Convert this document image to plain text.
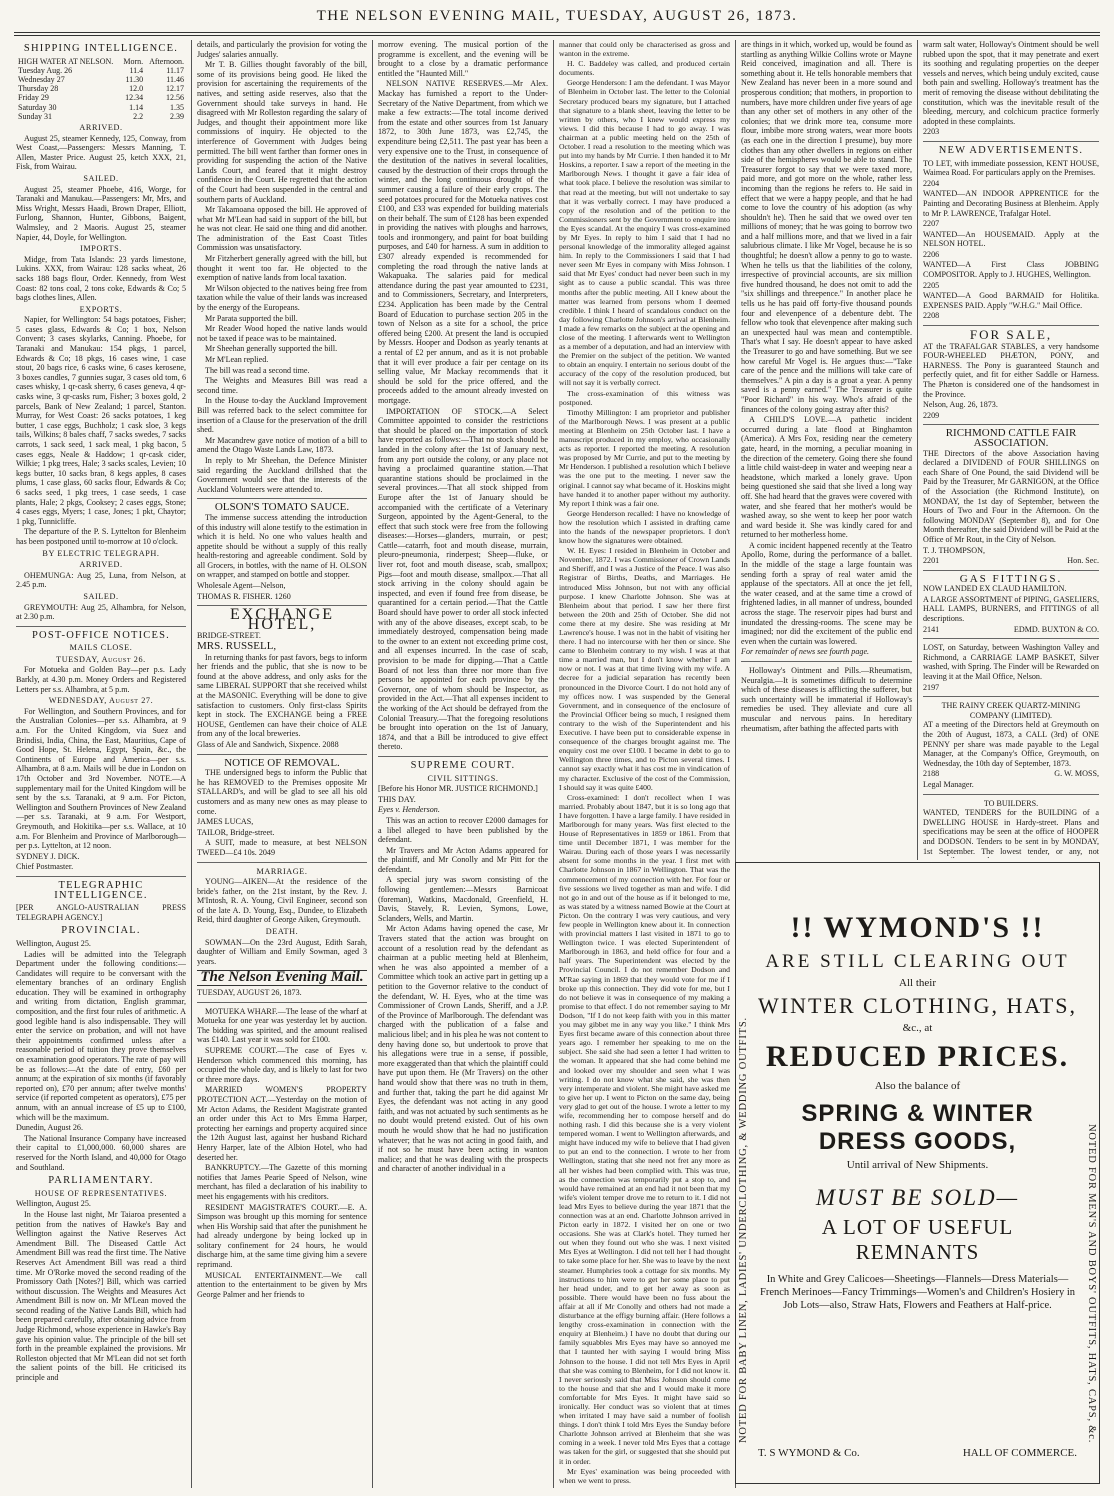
THE NELSON EVENING MAIL, TUESDAY, AUGUST 26, 1873.
SHIPPING INTELLIGENCE.
HIGH WATER AT NELSON.	Morn.	Afternoon.
Tuesday Aug. 26	11.4	11.17
Wednesday 27	11.30	11.46
Thursday 28	12.0	12.17
Friday 29	12.34	12.56
Saturday 30	1.14	1.35
Sunday 31	2.2	2.39
ARRIVED.

August 25, steamer Kennedy, 125, Conway, from West Coast,—Passengers: Messrs Manning, T. Allen, Master Price. August 25, ketch XXX, 21, Fisk, from Wairau.

SAILED.

August 25, steamer Phoebe, 416, Worge, for Taranaki and Manukau.—Passengers: Mr, Mrs, and Miss Wright, Messrs Haadi, Brown Draper, Elliott, Furlong, Shannon, Hunter, Gibbons, Baigent, Walmsley, and 2 Maoris. August 25, steamer Napier, 44, Doyle, for Wellington.

IMPORTS.

Midge, from Tata Islands: 23 yards limestone, Lukins. XXX, from Wairau: 128 sacks wheat, 26 sacks 188 bags flour, Order. Kennedy, from West Coast: 82 tons coal, 2 tons coke, Edwards & Co; 5 bags clothes lines, Allen.

EXPORTS.

Napier, for Wellington: 54 bags potatoes, Fisher; 5 cases glass, Edwards & Co; 1 box, Nelson Convent; 3 cases skylarks, Canning. Phoebe, for Taranaki and Manukau: 154 pkgs, 1 parcel, Edwards & Co; 18 pkgs, 16 cases wine, 1 case stout, 20 bags rice, 6 casks wine, 6 cases kerosene, 3 boxes candles, 7 gunnies sugar, 3 cases old tom, 6 cases whisky, 1 qr-cask sherry, 6 cases geneva, 4 qr-casks wine, 3 qr-casks rum, Fisher; 3 boxes gold, 2 parcels, Bank of New Zealand; 1 parcel, Stanton. Murray, for West Coast: 26 sacks potatoes, 1 keg butter, 1 case eggs, Buchholz; 1 cask sloe, 3 kegs tails, Wilkins; 8 bales chaff, 7 sacks swedes, 7 sacks carrots, 1 sack seed, 1 sack meal, 1 pkg bacon, 5 cases eggs, Neale & Haddow; 1 qr-cask cider, Wilkie; 1 pkg trees, Hale; 3 sacks scales, Levien; 10 kegs butter, 10 sacks bran, 8 kegs apples, 8 cases plums, 1 case glass, 60 sacks flour, Edwards & Co; 6 sacks seed, 1 pkg trees, 1 case seeds, 1 case plants, Hale; 2 pkgs, Cooksey; 2 cases eggs, Stone; 4 cases eggs, Myers; 1 case, Jones; 1 pkt, Chaytor; 1 pkg, Tunnicliffe.

The departure of the P. S. Lyttelton for Blenheim has been postponed until to-morrow at 10 o'clock.

BY ELECTRIC TELEGRAPH.
ARRIVED.

OHEMUNGA: Aug 25, Luna, from Nelson, at 2.45 p.m.

SAILED.

GREYMOUTH: Aug 25, Alhambra, for Nelson, at 2.30 p.m.

POST-OFFICE NOTICES.
MAILS CLOSE.
TUESDAY, August 26.

For Motueka and Golden Bay—per p.s. Lady Barkly, at 4.30 p.m. Money Orders and Registered Letters per s.s. Alhambra, at 5 p.m.

WEDNESDAY, August 27.

For Wellington, and Southern Provinces, and for the Australian Colonies—per s.s. Alhambra, at 9 a.m. For the United Kingdom, via Suez and Brindisi, India, China, the East, Mauritius, Cape of Good Hope, St. Helena, Egypt, Spain, &c., the Continents of Europe and America—per s.s. Alhambra, at 8 a.m. Mails will be due in London on 17th October and 3rd November. NOTE.—A supplementary mail for the United Kingdom will be sent by the s.s. Taranaki, at 9 a.m. For Picton, Wellington and Southern Provinces of New Zealand—per s.s. Taranaki, at 9 a.m. For Westport, Greymouth, and Hokitika—per s.s. Wallace, at 10 a.m. For Blenheim and Province of Marlborough—per p.s. Lyttelton, at 12 noon.

SYDNEY J. DICK.

Chief Postmaster.

TELEGRAPHIC INTELLIGENCE.

[PER ANGLO-AUSTRALIAN PRESS TELEGRAPH AGENCY.]

PROVINCIAL.

Wellington, August 25.

Ladies will be admitted into the Telegraph Department under the following conditions:—Candidates will require to be conversant with the elementary branches of an ordinary English education. They will be examined in orthography and writing from dictation, English grammar, composition, and the first four rules of arithmetic. A good legible hand is also indispensable. They will enter the service on probation, and will not have their appointments confirmed unless after a reasonable period of tuition they prove themselves on examination good operators. The rate of pay will be as follows:—At the date of entry, £60 per annum; at the expiration of six months (if favorably reported on), £70 per annum; after twelve months' service (if reported competent as operators), £75 per annum, with an annual increase of £5 up to £100, which will be the maximum.

Dunedin, August 26.

The National Insurance Company have increased their capital to £1,000,000. 60,000 shares are reserved for the North Island, and 40,000 for Otago and Southland.

PARLIAMENTARY.
HOUSE OF REPRESENTATIVES.

Wellington, August 25.

In the House last night, Mr Taiaroa presented a petition from the natives of Hawke's Bay and Wellington against the Native Reserves Act Amendment Bill. The Diseased Cattle Act Amendment Bill was read the first time. The Native Reserves Act Amendment Bill was read a third time. Mr O'Rorke moved the second reading of the Promissory Oath [Notes?] Bill, which was carried without discussion. The Weights and Measures Act Amendment Bill is now on. Mr M'Lean moved the second reading of the Native Lands Bill, which had been prepared carefully, after obtaining advice from Judge Richmond, whose experience in Hawke's Bay gave his opinion value. The principle of the bill set forth in the preamble explained the provisions. Mr Rolleston objected that Mr M'Lean did not set forth the salient points of the bill. He criticised its principle and

details, and particularly the provision for voting the Judges' salaries annually.

Mr T. B. Gillies thought favorably of the bill, some of its provisions being good. He liked the provision for ascertaining the requirements of the natives, and setting aside reserves, also that the Government should take surveys in hand. He disagreed with Mr Rolleston regarding the salary of Judges, and thought their appointment more like commissions of inquiry. He objected to the interference of Government with Judges being permitted. The bill went farther than former ones in providing for suspending the action of the Native Lands Court, and feared that it might destroy confidence in the Court. He regretted that the action of the Court had been suspended in the central and southern parts of Auckland.

Mr Takamoana opposed the bill. He approved of what Mr M'Lean had said in support of the bill, but he was not clear. He said one thing and did another. The administration of the East Coast Titles Commission was unsatisfactory.

Mr Fitzherbert generally agreed with the bill, but thought it went too far. He objected to the exemption of native lands from local taxation.

Mr Wilson objected to the natives being free from taxation while the value of their lands was increased by the energy of the Europeans.

Mr Parata supported the bill.

Mr Reader Wood hoped the native lands would not be taxed if peace was to be maintained.

Mr Sheehan generally supported the bill.

Mr M'Lean replied.

The bill was read a second time.

The Weights and Measures Bill was read a second time.

In the House to-day the Auckland Improvement Bill was referred back to the select committee for insertion of a Clause for the preservation of the drill shed.

Mr Macandrew gave notice of motion of a bill to amend the Otago Waste Lands Law, 1873.

In reply to Mr Sheehan, the Defence Minister said regarding the Auckland drillshed that the Government would see that the interests of the Auckland Volunteers were attended to.

OLSON'S TOMATO SAUCE.

The immense success attending the introduction of this industry will alone testify to the estimation in which it is held. No one who values health and appetite should be without a supply of this really health-restoring and agreeable condiment. Sold by all Grocers, in bottles, with the name of H. OLSON on wrapper, and stamped on bottle and stopper.

Wholesale Agent—Nelson,

THOMAS R. FISHER. 1260

EXCHANGE HOTEL,

BRIDGE-STREET.

MRS. RUSSELL,

In returning thanks for past favors, begs to inform her friends and the public, that she is now to be found at the above address, and only asks for the same LIBERAL SUPPORT that she received whilst at the MASONIC. Everything will be done to give satisfaction to customers. Only first-class Spirits kept in stock. The EXCHANGE being a FREE HOUSE, Gentlemen can have their choice of ALE from any of the local breweries.

Glass of Ale and Sandwich, Sixpence. 2088

NOTICE OF REMOVAL.

THE undersigned begs to inform the Public that he has REMOVED to the Premises opposite Mr STALLARD's, and will be glad to see all his old customers and as many new ones as may please to come.

JAMES LUCAS,

TAILOR, Bridge-street.

A SUIT, made to measure, at best NELSON TWEED—£4 10s. 2049

MARRIAGE.

YOUNG—AIKEN—At the residence of the bride's father, on the 21st instant, by the Rev. J. M'Intosh, R. A. Young, Civil Engineer, second son of the late A. D. Young, Esq., Dundee, to Elizabeth Reid, third daughter of George Aiken, Greymouth.

DEATH.

SOWMAN—On the 23rd August, Edith Sarah, daughter of William and Emily Sowman, aged 3 years.

The Nelson Evening Mail.

TUESDAY, AUGUST 26, 1873.

MOTUEKA WHARF.—The lease of the wharf at Motueka for one year was yesterday let by auction. The bidding was spirited, and the amount realised was £140. Last year it was sold for £100.

SUPREME COURT.—The case of Eyes v. Henderson which commenced this morning, has occupied the whole day, and is likely to last for two or three more days.

MARRIED WOMEN'S PROPERTY PROTECTION ACT.—Yesterday on the motion of Mr Acton Adams, the Resident Magistrate granted an order under this Act to Mrs Emma Harper, protecting her earnings and property acquired since the 12th August last, against her husband Richard Henry Harper, late of the Albion Hotel, who had deserted her.

BANKRUPTCY.—The Gazette of this morning notifies that James Pearie Speed of Nelson, wine merchant, has filed a declaration of his inability to meet his engagements with his creditors.

RESIDENT MAGISTRATE'S COURT.—E. A. Simpson was brought up this morning for sentence when His Worship said that after the punishment he had already undergone by being locked up in solitary confinement for 24 hours, he would discharge him, at the same time giving him a severe reprimand.

MUSICAL ENTERTAINMENT.—We call attention to the entertainment to be given by Mrs George Palmer and her friends to

morrow evening. The musical portion of the programme is excellent, and the evening will be brought to a close by a dramatic performance entitled the "Haunted Mill."

NELSON NATIVE RESERVES.—Mr Alex. Mackay has furnished a report to the Under-Secretary of the Native Department, from which we make a few extracts:—The total income derived from the estate and other sources from 1st January 1872, to 30th June 1873, was £2,745, the expenditure being £2,511. The past year has been a very expensive one to the Trust, in consequence of the destitution of the natives in several localities, caused by the destruction of their crops through the winter, and the long continuous drought of the summer causing a failure of their early crops. The seed potatoes procured for the Motueka natives cost £100, and £33 was expended for building materials on their behalf. The sum of £128 has been expended in providing the natives with ploughs and harrows, tools and ironmongery, and paint for boat building purposes, and £40 for harness. A sum in addition to £307 already expended is recommended for completing the road through the native lands at Wakapuaka. The salaries paid for medical attendance during the past year amounted to £231, and to Commissioners, Secretary, and Interpreters, £234. Application has been made by the Central Board of Education to purchase section 205 in the town of Nelson as a site for a school, the price offered being £200. At present the land is occupied by Messrs. Hooper and Dodson as yearly tenants at a rental of £2 per annum, and as it is not probable that it will ever produce a fair per centage on its selling value, Mr Mackay recommends that it should be sold for the price offered, and the proceeds added to the amount already invested on mortgage.

IMPORTATION OF STOCK.—A Select Committee appointed to consider the restrictions that should be placed on the importation of stock have reported as follows:—That no stock should be landed in the colony after the 1st of January next, from any port outside the colony, or any place not having a proclaimed quarantine station.—That quarantine stations should be proclaimed in the several provinces.—That all stock shipped from Europe after the 1st of January should be accompanied with the certificate of a Veterinary Surgeon, appointed by the Agent-General, to the effect that such stock were free from the following diseases:—Horses—glanders, murrain, or pest; Cattle—catarrh, foot and mouth disease, murrain, pleuro-pneumonia, rinderpest; Sheep—fluke, or liver rot, foot and mouth disease, scab, smallpox; Pigs—foot and mouth disease, smallpox.—That all stock arriving in the colony should again be inspected, and even if found free from disease, be quarantined for a certain period.—That the Cattle Board should have power to order all stock infected with any of the above diseases, except scab, to be immediately destroyed, compensation being made to the owner to an extent not exceeding prime cost, and all expenses incurred. In the case of scab, provision to be made for dipping.—That a Cattle Board of not less than three nor more than five persons be appointed for each province by the Governor, one of whom should be Inspector, as provided in the Act.—That all expenses incident to the working of the Act should be defrayed from the Colonial Treasury.—That the foregoing resolutions be brought into operation on the 1st of January, 1874, and that a Bill be introduced to give effect thereto.

SUPREME COURT.
CIVIL SITTINGS.

[Before his Honor MR. JUSTICE RICHMOND.]

THIS DAY.

Eyes v. Henderson.

This was an action to recover £2000 damages for a libel alleged to have been published by the defendant.

Mr Travers and Mr Acton Adams appeared for the plaintiff, and Mr Conolly and Mr Pitt for the defendant.

A special jury was sworn consisting of the following gentlemen:—Messrs Barnicoat (foreman), Watkins, Macdonald, Greenfield, H. Davis, Stavely, R. Levien, Symons, Lowe, Sclanders, Wells, and Martin.

Mr Acton Adams having opened the case, Mr Travers stated that the action was brought on account of a resolution read by the defendant as chairman at a public meeting held at Blenheim, when he was also appointed a member of a Committee which took an active part in getting up a petition to the Governor relative to the conduct of the defendant, W. H. Eyes, who at the time was Commissioner of Crown Lands, Sheriff, and a J.P. of the Province of Marlborough. The defendant was charged with the publication of a false and malicious libel; and in his plea he was not content to deny having done so, but undertook to prove that his allegations were true in a sense, if possible, more exaggerated than that which the plaintiff could have put upon them. He (Mr Travers) on the other hand would show that there was no truth in them, and further that, taking the part he did against Mr Eyes, the defendant was not acting in any good faith, and was not actuated by such sentiments as he no doubt would pretend existed. Out of his own mouth he would show that he had no justification whatever; that he was not acting in good faith, and if not so he must have been acting in wanton malice; and that he was dealing with the prospects and character of another individual in a

manner that could only be characterised as gross and wanton in the extreme.

H. C. Baddeley was called, and produced certain documents.

George Henderson: I am the defendant. I was Mayor of Blenheim in October last. The letter to the Colonial Secretary produced bears my signature, but I attached that signature to a blank sheet, leaving the letter to be written by others, who I knew would express my views. I did this because I had to go away. I was chairman at a public meeting held on the 25th of October. I read a resolution to the meeting which was put into my hands by Mr Currie. I then handed it to Mr Hoskins, a reporter. I saw a report of the meeting in the Marlborough News. I thought it gave a fair idea of what took place. I believe the resolution was similar to that read at the meeting, but will not undertake to say that it was verbally correct. I may have produced a copy of the resolution and of the petition to the Commissioners sent by the Government to enquire into the Eyes scandal. At the enquiry I was cross-examined by Mr Eyes. In reply to him I said that I had no personal knowledge of the immorality alleged against him. In reply to the Commissioners I said that I had never seen Mr Eyes in company with Miss Johnson. I said that Mr Eyes' conduct had never been such in my sight as to cause a public scandal. This was three months after the public meeting. All I knew about the matter was learned from persons whom I deemed credible. I think I heard of scandalous conduct on the day following Charlotte Johnson's arrival at Blenheim. I made a few remarks on the subject at the opening and close of the meeting. I afterwards went to Wellington as a member of a deputation, and had an interview with the Premier on the subject of the petition. We wanted to obtain an enquiry. I entertain no serious doubt of the accuracy of the copy of the resolution produced, but will not say it is verbally correct.

The cross-examination of this witness was postponed.

Timothy Millington: I am proprietor and publisher of the Marlborough News. I was present at a public meeting at Blenheim on 25th October last. I have a manuscript produced in my employ, who occasionally acts as reporter. I reported the meeting. A resolution was proposed by Mr Currie, and put to the meeting by Mr Henderson. I published a resolution which I believe was the one put to the meeting. I never saw the original. I cannot say what became of it. Hoskins might have handed it to another paper without my authority. My report I think was a fair one.

George Henderson recalled: I have no knowledge of how the resolution which I assisted in drafting came into the hands of the newspaper proprietors. I don't know how the signatures were obtained.

W. H. Eyes: I resided in Blenheim in October and November, 1872. I was Commissioner of Crown Lands and Sheriff, and I was a Justice of the Peace. I was also Registrar of Births, Deaths, and Marriages. He introduced Miss Johnson, but not with any official purpose. I knew Charlotte Johnson. She was at Blenheim about that period. I saw her there first between the 20th and 25th of October. She did not come there at my desire. She was residing at Mr Lawrence's house. I was not in the habit of visiting her there. I had no intercourse with her then or since. She came to Blenheim contrary to my wish. I was at that time a married man, but I don't know whether I am now or not. I was at that time living with my wife. A decree for a judicial separation has recently been pronounced in the Divorce Court. I do not hold any of my offices now. I was suspended by the General Government, and in consequence of the enclosure of the Provincial Officer being so much, I resigned them contrary to the wish of the Superintendent and his Executive. I have been put to considerable expense in consequence of the charges brought against me. The enquiry cost me over £100. I became in debt to go to Wellington three times, and to Picton several times. I cannot say exactly what it has cost me in vindication of my character. Exclusive of the cost of the Commission, I should say it was quite £400.

Cross-examined: I don't recollect when I was married. Probably about 1847, but it is so long ago that I have forgotten. I have a large family. I have resided in Marlborough for many years. Was first elected to the House of Representatives in 1859 or 1861. From that time until December 1871, I was member for the Wairau. During each of those years I was necessarily absent for some months in the year. I first met with Charlotte Johnson in 1867 in Wellington. That was the commencement of my connection with her. For four or five sessions we lived together as man and wife. I did not go in and out of the house as if it belonged to me, as was stated by a witness named Bowie at the Court at Picton. On the contrary I was very cautious, and very few people in Wellington knew about it. In connection with provincial matters I last visited in 1871 to go to Wellington twice. I was elected Superintendent of Marlborough in 1863, and held office for four and a half years. The Superintendent was elected by the Provincial Council. I do not remember Dodson and M'Rae saying in 1869 that they would vote for me if I broke up this connection. They did vote for me, but I do not believe it was in consequence of my making a promise to that effect. I do not remember saying to Mr Dodson, "If I do not keep faith with you in this matter you may gibbet me in any way you like." I think Mrs Eyes first became aware of this connection about three years ago. I remember her speaking to me on the subject. She said she had seen a letter I had written to the woman. It appeared that she had come behind me and looked over my shoulder and seen what I was writing. I do not know what she said, she was then very intemperate and violent. She might have asked me to give her up. I went to Picton on the same day, being very glad to get out of the house. I wrote a letter to my wife, recommending her to compose herself and do nothing rash. I did this because she is a very violent tempered woman. I went to Wellington afterwards, and might have induced my wife to believe that I had given to put an end to the connection. I wrote to her from Wellington, stating that she need not fret any more as all her wishes had been complied with. This was true, as the connection was temporarily put a stop to, and would have remained at an end had it not been that my wife's violent temper drove me to return to it. I did not lead Mrs Eyes to believe during the year 1871 that the connection was at an end. Charlotte Johnson arrived in Picton early in 1872. I visited her on one or two occasions. She was at Clark's hotel. They turned her out when they found out who she was. I next visited Mrs Eyes at Wellington. I did not tell her I had thought to take some place for her. She was to leave by the next steamer. Humphries took a cottage for six months. My instructions to him were to get her some place to put her head under, and to get her away as soon as possible. There would have been no fuss about the affair at all if Mr Conolly and others had not made a disturbance at the effigy burning affair. (Here follows a lengthy cross-examination in connection with the enquiry at Blenheim.) I have no doubt that during our family squabbles Mrs Eyes may have so annoyed me that I taunted her with saying I would bring Miss Johnson to the house. I did not tell Mrs Eyes in April that she was coming to Blenheim, for I did not know it. I never seriously said that Miss Johnson should come to the house and that she and I would make it more comfortable for Mrs Eyes. It might have said so ironically. Her conduct was so violent that at times when irritated I may have said a number of foolish things. I don't think I told Mrs Eyes the Sunday before Charlotte Johnson arrived at Blenheim that she was coming in a week. I never told Mrs Eyes that a cottage was taken for the girl, or suggested that she should put it in order.

Mr Eyes' examination was being proceeded with when we went to press.

are things in it which, worked up, would be found as startling as anything Wilkie Collins wrote or Mayne Reid conceived, imagination and all. There is something about it. He tells honorable members that New Zealand has never been in a more sound and prosperous condition; that mothers, in proportion to numbers, have more children under five years of age than any other set of mothers in any other of the colonies; that we drink more tea, consume more flour, imbibe more strong waters, wear more boots (as each one in the direction I presume), buy more clothes than any other dwellers in regions on either side of the hemispheres would be able to stand. The Treasurer forgot to say that we were taxed more, paid more, and got more on the whole, rather less incoming than the regions he refers to. He said in effect that we were a happy people, and that he had come to love the country of his adoption (as why shouldn't he). Then he said that we owed over ten millions of money; that he was going to borrow two and a half millions more, and that we lived in a fair salubrious climate. I like Mr Vogel, because he is so thoughtful; he doesn't allow a penny to go to waste. When he tells us that the liabilities of the colony, irrespective of provincial accounts, are six million five hundred thousand, he does not omit to add the "six shillings and threepence." In another place he tells us he has paid off forty-five thousand pounds four and elevenpence of a debenture debt. The fellow who took that elevenpence after making such an unexpected haul was mean and contemptible. That's what I say. He doesn't appear to have asked the Treasurer to go and have something. But we see how careful Mr Vogel is. He argues thus:—"Take care of the pence and the millions will take care of themselves." A pin a day is a groat a year. A penny saved is a penny earned." The Treasurer is quite "Poor Richard" in his way. Who's afraid of the finances of the colony going astray after this?

A CHILD'S LOVE.—A pathetic incident occurred during a late flood at Binghamton (America). A Mrs Fox, residing near the cemetery gate, heard, in the morning, a peculiar moaning in the direction of the cemetery. Going there she found a little child waist-deep in water and weeping near a headstone, which marked a lonely grave. Upon being questioned she said that she lived a long way off. She had heard that the graves were covered with water, and she feared that her mother's would be washed away, so she went to keep her poor watch and ward beside it. She was kindly cared for and returned to her motherless home.

A comic incident happened recently at the Teatro Apollo, Rome, during the performance of a ballet. In the middle of the stage a large fountain was sending forth a spray of real water amid the applause of the spectators. All at once the jet fell, the water ceased, and at the same time a crowd of frightened ladies, in all manner of undress, bounded across the stage. The reservoir pipes had burst and inundated the dressing-rooms. The scene may be imagined; nor did the excitement of the public end even when the curtain was lowered.

For remainder of news see fourth page.

Holloway's Ointment and Pills.—Rheumatism, Neuralgia.—It is sometimes difficult to determine which of these diseases is afflicting the sufferer, but such uncertainty will be immaterial if Holloway's remedies be used. They alleviate and cure all muscular and nervous pains. In hereditary rheumatism, after bathing the affected parts with

warm salt water, Holloway's Ointment should be well rubbed upon the spot, that it may penetrate and exert its soothing and regulating properties on the deeper vessels and nerves, which being unduly excited, cause both pain and swelling. Holloway's treatment has the merit of removing the disease without debilitating the constitution, which was the inevitable result of the bleeding, mercury, and colchicum practice formerly adopted in these complaints.

2203

NEW ADVERTISEMENTS.

TO LET, with immediate possession, KENT HOUSE, Waimea Road. For particulars apply on the Premises.

2204

WANTED—AN INDOOR APPRENTICE for the Painting and Decorating Business at Blenheim. Apply to Mr P. LAWRENCE, Trafalgar Hotel.

2207

WANTED—An HOUSEMAID. Apply at the NELSON HOTEL.

2206

WANTED—A First Class JOBBING COMPOSITOR. Apply to J. HUGHES, Wellington.

2205

WANTED—A Good BARMAID for Holitika. EXPENSES PAID. Apply "W.H.G." Mail Office.

2208

FOR SALE,

AT the TRAFALGAR STABLES, a very handsome FOUR-WHEELED PHÆTON, PONY, and HARNESS. The Pony is guaranteed Staunch and perfectly quiet, and fit for either Saddle or Harness. The Phæton is considered one of the handsomest in the Province.

Nelson, Aug. 26, 1873.

2209

RICHMOND CATTLE FAIR ASSOCIATION.

THE Directors of the above Association having declared a DIVIDEND of FOUR SHILLINGS on each Share of One Pound, the said Dividend will be Paid by the Treasurer, Mr GARNIGON, at the Office of the Association (the Richmond Institute), on MONDAY, the 1st day of September, between the Hours of Two and Four in the Afternoon. On the following MONDAY (September 8), and for One Month thereafter, the said Dividend will be Paid at the Office of Mr Rout, in the City of Nelson.

T. J. THOMPSON,

2201	Hon. Sec.

GAS FITTINGS.

NOW LANDED EX CLAUD HAMILTON.

A LARGE ASSORTMENT of PIPING, GASELIERS, HALL LAMPS, BURNERS, and FITTINGS of all descriptions.

2141	EDMD. BUXTON & CO.

LOST, on Saturday, between Washington Valley and Richmond, a CARRIAGE LAMP BASKET, Silver washed, with Spring. The Finder will be Rewarded on leaving it at the Mail Office, Nelson.

2197

THE RAINY CREEK QUARTZ-MINING COMPANY (LIMITED).

AT a meeting of the Directors held at Greymouth on the 20th of August, 1873, a CALL (3rd) of ONE PENNY per share was made payable to the Legal Manager, at the Company's Office, Greymouth, on Wednesday, the 10th day of September, 1873.

2188	G. W. MOSS,

Legal Manager.

TO BUILDERS.

WANTED, TENDERS for the BUILDING of a DWELLING HOUSE in Hardy-street. Plans and specifications may be seen at the office of HOOPER and DODSON. Tenders to be sent in by MONDAY, 1st September. The lowest tender, or any, not

NOTED FOR BABY LINEN, LADIES' UNDERCLOTHING, & WEDDING OUTFITS.	NOTED FOR MEN'S AND BOYS' OUTFITS, HATS, CAPS, &c.
!! WYMOND'S !!
ARE STILL CLEARING OUT
All their
WINTER CLOTHING, HATS,
&c., at
REDUCED PRICES.
Also the balance of
SPRING & WINTER DRESS GOODS,
Until arrival of New Shipments.
MUST BE SOLD—
A LOT OF USEFUL REMNANTS
In White and Grey Calicoes—Sheetings—Flannels—Dress Materials—French Merinoes—Fancy Trimmings—Women's and Children's Hosiery in Job Lots—also, Straw Hats, Flowers and Feathers at Half-price.
T. S WYMOND & Co.	HALL OF COMMERCE.
